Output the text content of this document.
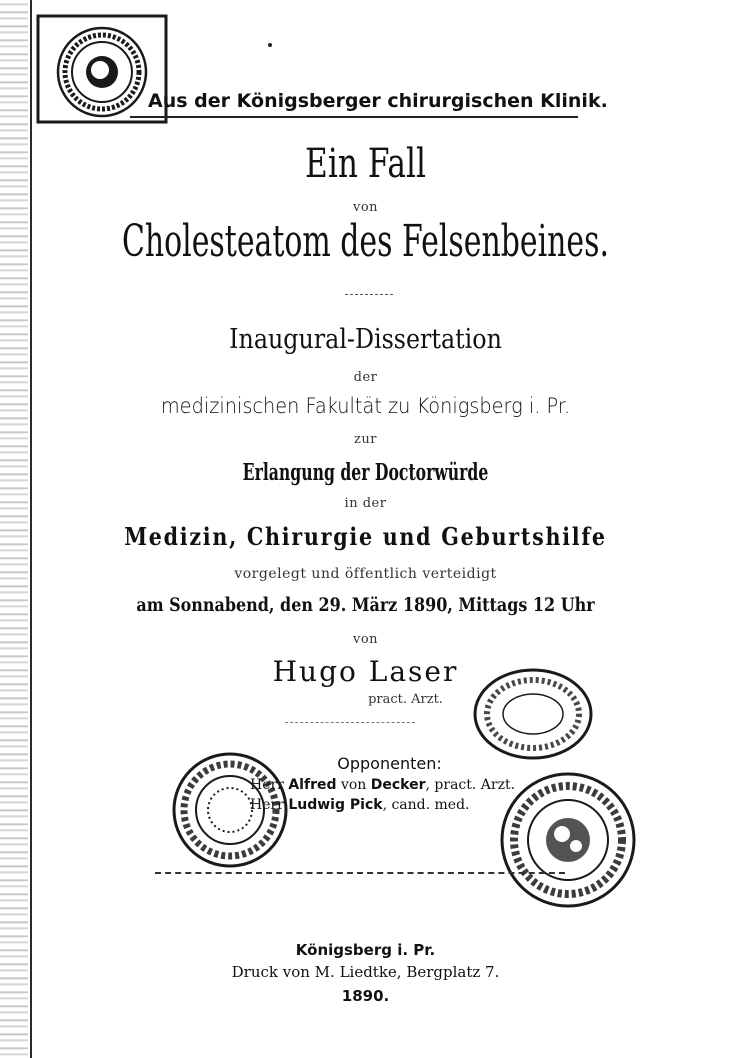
Aus der Königsberger chirurgischen Klinik.
Ein Fall
von
Cholesteatom des Felsenbeines.
Inaugural-Dissertation
der
medizinischen Fakultät zu Königsberg i. Pr.
zur
Erlangung der Doctorwürde
in der
Medizin, Chirurgie und Geburtshilfe
vorgelegt und öffentlich verteidigt
am Sonnabend, den 29. März 1890, Mittags 12 Uhr
von
Hugo Laser
pract. Arzt.
Opponenten:
Herr Alfred von Decker, pract. Arzt.
Herr Ludwig Pick, cand. med.
Königsberg i. Pr.
Druck von M. Liedtke, Bergplatz 7.
1890.
